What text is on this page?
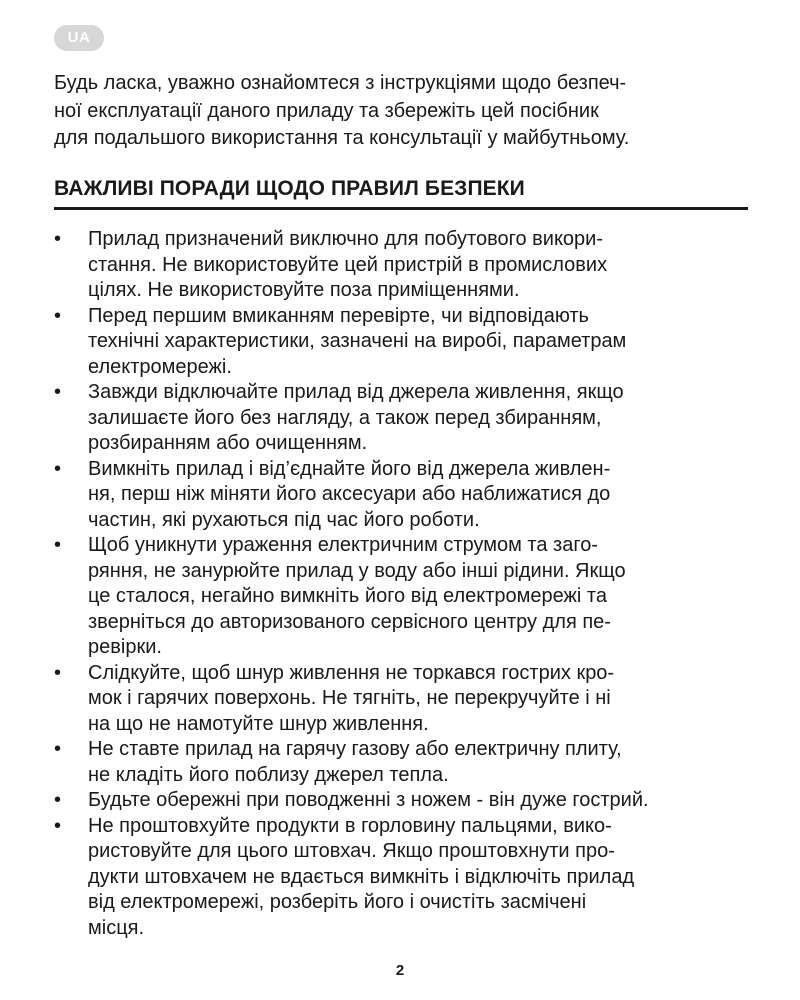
UA
Будь ласка, уважно ознайомтеся з інструкціями щодо безпеч-
ної експлуатації даного приладу та збережіть цей посібник
для подальшого використання та консультації у майбутньому.
ВАЖЛИВІ ПОРАДИ ЩОДО ПРАВИЛ БЕЗПЕКИ
• Прилад призначений виключно для побутового викори-
стання. Не використовуйте цей пристрій в промислових
цілях. Не використовуйте поза приміщеннями.
• Перед першим вмиканням перевірте, чи відповідають
технічні характеристики, зазначені на виробі, параметрам
електромережі.
• Завжди відключайте прилад від джерела живлення, якщо
залишаєте його без нагляду, а також перед збиранням,
розбиранням або очищенням.
• Вимкніть прилад і від’єднайте його від джерела живлен-
ня, перш ніж міняти його аксесуари або наближатися до
частин, які рухаються під час його роботи.
• Щоб уникнути ураження електричним струмом та заго-
ряння, не занурюйте прилад у воду або інші рідини. Якщо
це сталося, негайно вимкніть його від електромережі та
зверніться до авторизованого сервісного центру для пе-
ревірки.
• Слідкуйте, щоб шнур живлення не торкався гострих кро-
мок і гарячих поверхонь. Не тягніть, не перекручуйте і ні
на що не намотуйте шнур живлення.
• Не ставте прилад на гарячу газову або електричну плиту,
не кладіть його поблизу джерел тепла.
• Будьте обережні при поводженні з ножем - він дуже гострий.
• Не проштовхуйте продукти в горловину пальцями, вико-
ристовуйте для цього штовхач. Якщо проштовхнути про-
дукти штовхачем не вдається вимкніть і відключіть прилад
від електромережі, розберіть його і очистіть засмічені
місця.
2
